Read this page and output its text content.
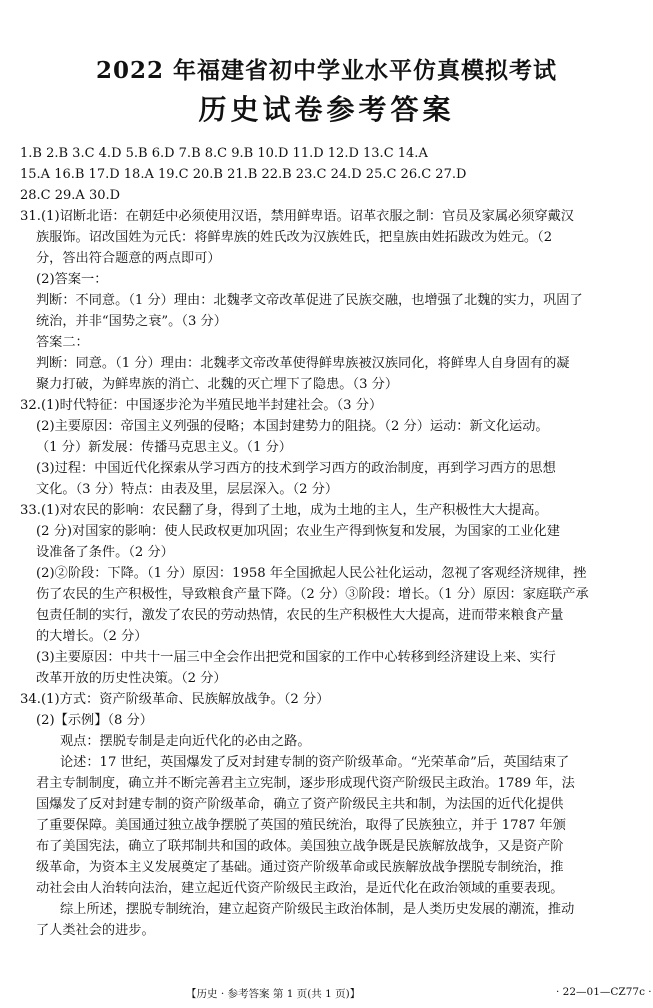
2022 年福建省初中学业水平仿真模拟考试
历史试卷参考答案
1.B 2.B 3.C 4.D 5.B 6.D 7.B 8.C 9.B 10.D 11.D 12.D 13.C 14.A
15.A 16.B 17.D 18.A 19.C 20.B 21.B 22.B 23.C 24.D 25.C 26.C 27.D
28.C 29.A 30.D
31.(1)诏断北语：在朝廷中必须使用汉语，禁用鲜卑语。诏革衣服之制：官员及家属必须穿戴汉
族服饰。诏改国姓为元氏：将鲜卑族的姓氏改为汉族姓氏，把皇族由姓拓跋改为姓元。（2
分，答出符合题意的两点即可）
(2)答案一：
判断：不同意。（1 分）理由：北魏孝文帝改革促进了民族交融，也增强了北魏的实力，巩固了
统治，并非“国势之衰”。（3 分）
答案二：
判断：同意。（1 分）理由：北魏孝文帝改革使得鲜卑族被汉族同化，将鲜卑人自身固有的凝
聚力打破，为鲜卑族的消亡、北魏的灭亡埋下了隐患。（3 分）
32.(1)时代特征：中国逐步沦为半殖民地半封建社会。（3 分）
(2)主要原因：帝国主义列强的侵略；本国封建势力的阻挠。（2 分）运动：新文化运动。
（1 分）新发展：传播马克思主义。（1 分）
(3)过程：中国近代化探索从学习西方的技术到学习西方的政治制度，再到学习西方的思想
文化。（3 分）特点：由表及里，层层深入。（2 分）
33.(1)对农民的影响：农民翻了身，得到了土地，成为土地的主人，生产积极性大大提高。
(2 分)对国家的影响：使人民政权更加巩固；农业生产得到恢复和发展，为国家的工业化建
设准备了条件。（2 分）
(2)②阶段：下降。（1 分）原因：1958 年全国掀起人民公社化运动，忽视了客观经济规律，挫
伤了农民的生产积极性，导致粮食产量下降。（2 分）③阶段：增长。（1 分）原因：家庭联产承
包责任制的实行，激发了农民的劳动热情，农民的生产积极性大大提高，进而带来粮食产量
的大增长。（2 分）
(3)主要原因：中共十一届三中全会作出把党和国家的工作中心转移到经济建设上来、实行
改革开放的历史性决策。（2 分）
34.(1)方式：资产阶级革命、民族解放战争。（2 分）
(2)【示例】（8 分）
观点：摆脱专制是走向近代化的必由之路。
论述：17 世纪，英国爆发了反对封建专制的资产阶级革命。“光荣革命”后，英国结束了
君主专制制度，确立并不断完善君主立宪制，逐步形成现代资产阶级民主政治。1789 年，法
国爆发了反对封建专制的资产阶级革命，确立了资产阶级民主共和制，为法国的近代化提供
了重要保障。美国通过独立战争摆脱了英国的殖民统治，取得了民族独立，并于 1787 年颁
布了美国宪法，确立了联邦制共和国的政体。美国独立战争既是民族解放战争，又是资产阶
级革命，为资本主义发展奠定了基础。通过资产阶级革命或民族解放战争摆脱专制统治，推
动社会由人治转向法治，建立起近代资产阶级民主政治，是近代化在政治领域的重要表现。
综上所述，摆脱专制统治，建立起资产阶级民主政治体制，是人类历史发展的潮流，推动
了人类社会的进步。
【历史 · 参考答案 第 1 页(共 1 页)】	· 22—01—CZ77c ·
